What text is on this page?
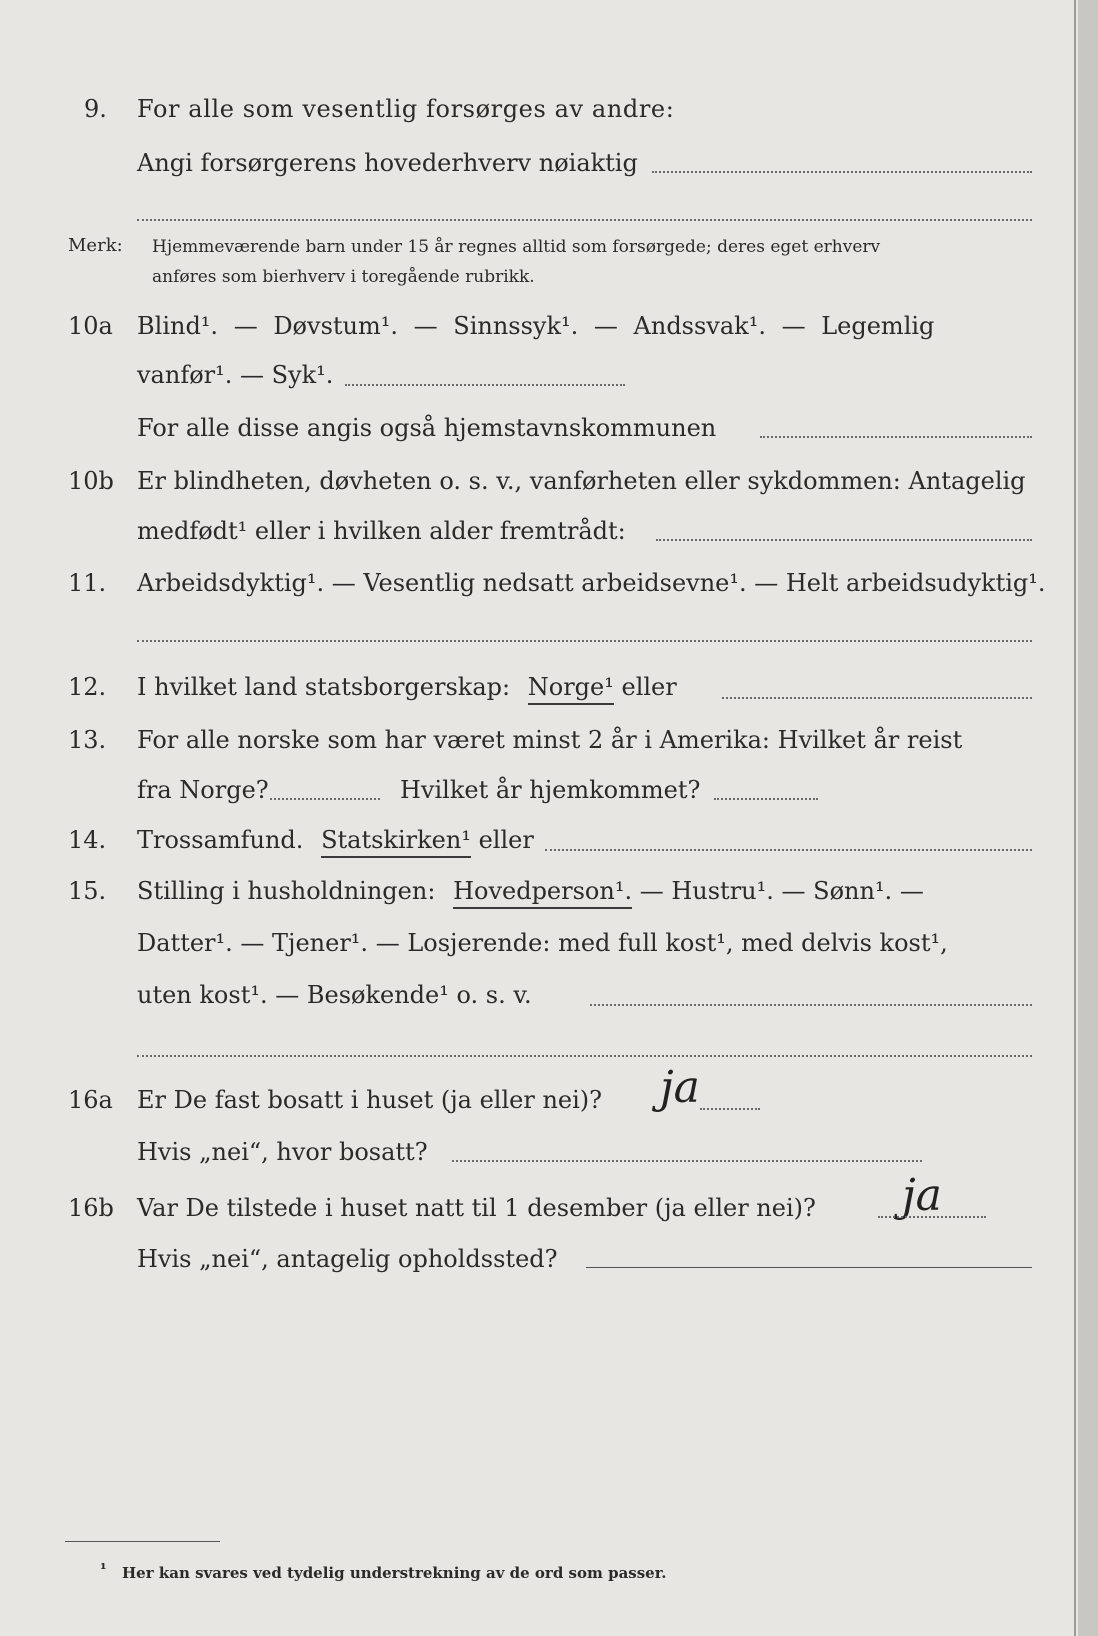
9. For alle som vesentlig forsørges av andre:
Angi forsørgerens hovederhverv nøiaktig
Merk: Hjemmeværende barn under 15 år regnes alltid som forsørgede; deres eget erhverv
anføres som bierhverv i toregående rubrikk.
10a Blind¹. — Døvstum¹. — Sinnssyk¹. — Andssvak¹. — Legemlig
vanfør¹. — Syk¹.
For alle disse angis også hjemstavnskommunen
10b Er blindheten, døvheten o. s. v., vanførheten eller sykdommen: Antagelig
medfødt¹ eller i hvilken alder fremtrådt:
11. Arbeidsdyktig¹. — Vesentlig nedsatt arbeidsevne¹. — Helt arbeidsudyktig¹.
12. I hvilket land statsborgerskap: Norge¹ eller
13. For alle norske som har været minst 2 år i Amerika: Hvilket år reist
fra Norge?	Hvilket år hjemkommet?
14. Trossamfund. Statskirken¹ eller
15. Stilling i husholdningen: Hovedperson¹. — Hustru¹. — Sønn¹. —
Datter¹. — Tjener¹. — Losjerende: med full kost¹, med delvis kost¹,
uten kost¹. — Besøkende¹ o. s. v.
16a Er De fast bosatt i huset (ja eller nei)? ja
Hvis „nei“, hvor bosatt?
16b Var De tilstede i huset natt til 1 desember (ja eller nei)? ja
Hvis „nei“, antagelig opholdssted?
¹ Her kan svares ved tydelig understrekning av de ord som passer.
